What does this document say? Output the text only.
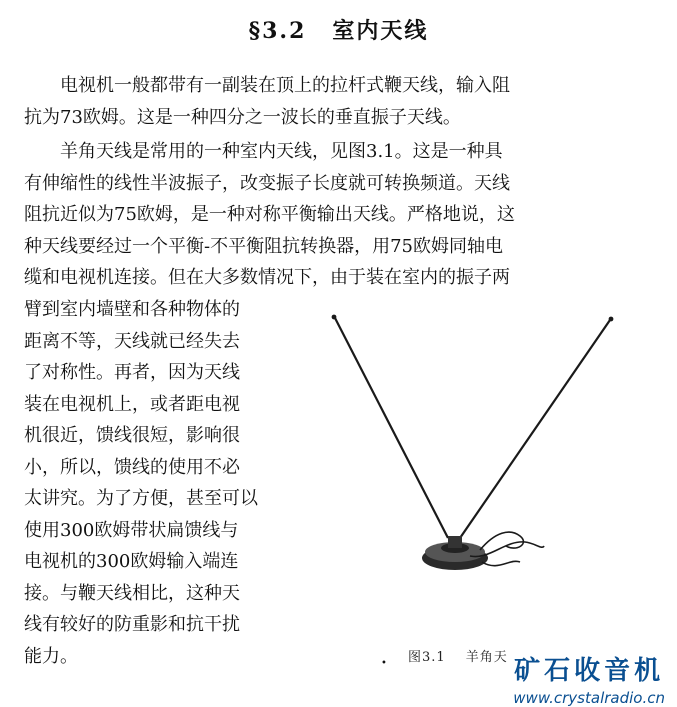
§3.2 室内天线
电视机一般都带有一副装在顶上的拉杆式鞭天线，输入阻
抗为73欧姆。这是一种四分之一波长的垂直振子天线。
羊角天线是常用的一种室内天线，见图3.1。这是一种具
有伸缩性的线性半波振子，改变振子长度就可转换频道。天线
阻抗近似为75欧姆，是一种对称平衡输出天线。严格地说，这
种天线要经过一个平衡-不平衡阻抗转换器，用75欧姆同轴电
缆和电视机连接。但在大多数情况下，由于装在室内的振子两
臂到室内墙壁和各种物体的
距离不等，天线就已经失去
了对称性。再者，因为天线
装在电视机上，或者距电视
机很近，馈线很短，影响很
小，所以，馈线的使用不必
太讲究。为了方便，甚至可以
使用300欧姆带状扁馈线与
电视机的300欧姆输入端连
接。与鞭天线相比，这种天
线有较好的防重影和抗干扰
能力。	• 图3.1 羊角天 矿石收音机
www.crystalradio.cn
